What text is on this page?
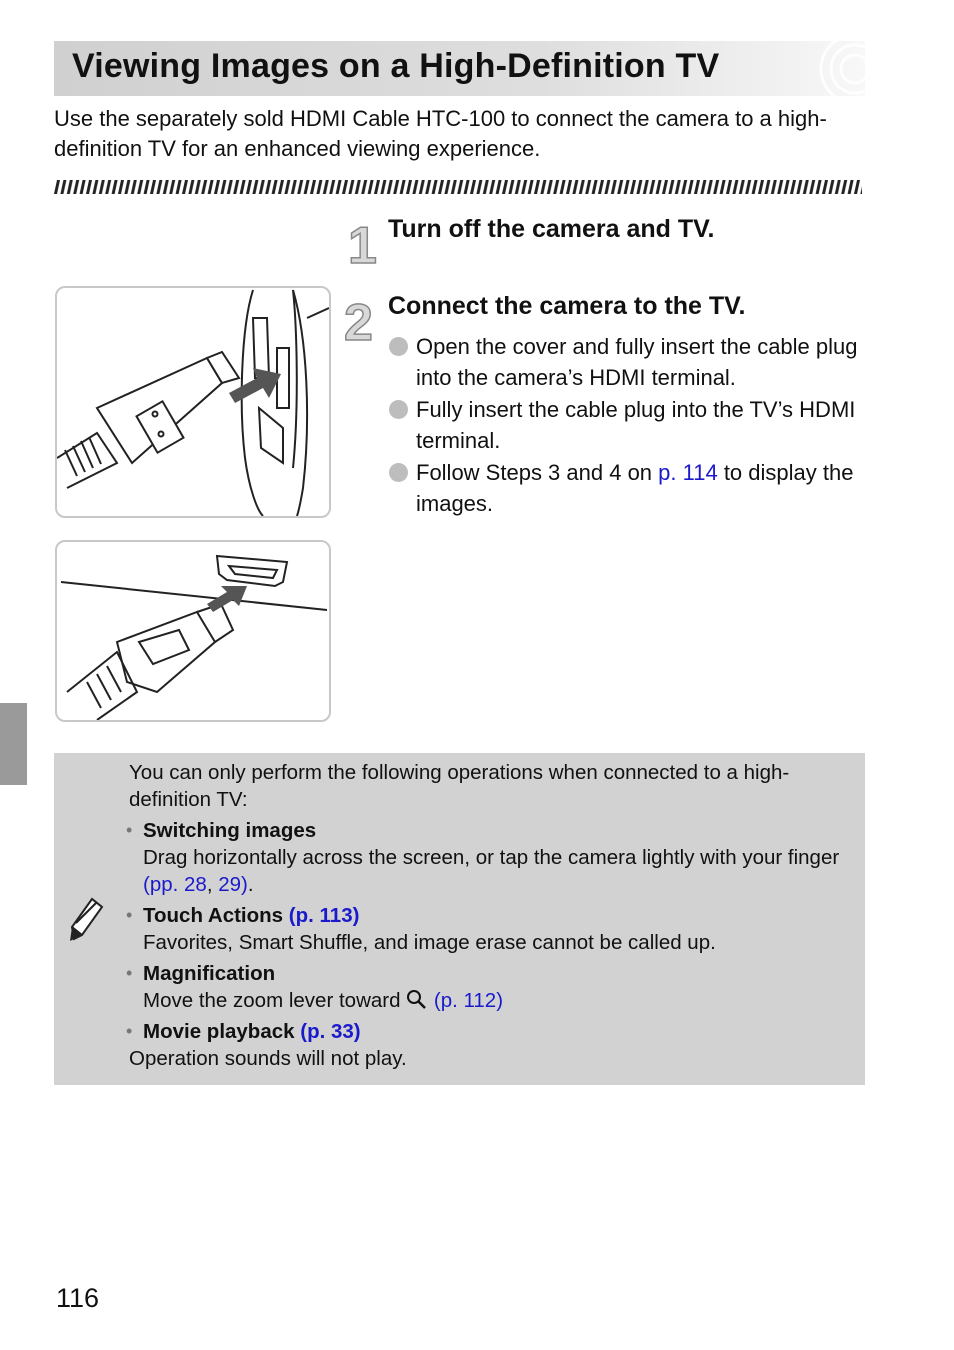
Viewing Images on a High-Definition TV

Use the separately sold HDMI Cable HTC-100 to connect the camera to a high-definition TV for an enhanced viewing experience.

1 Turn off the camera and TV.
2 Connect the camera to the TV.
Open the cover and fully insert the cable plug into the camera’s HDMI terminal.
Fully insert the cable plug into the TV’s HDMI terminal.
Follow Steps 3 and 4 on p. 114 to display the images.
You can only perform the following operations when connected to a high-definition TV:
• Switching images
Drag horizontally across the screen, or tap the camera lightly with your finger (pp. 28, 29).
• Touch Actions (p. 113)
Favorites, Smart Shuffle, and image erase cannot be called up.
• Magnification
Move the zoom lever toward  (p. 112)
• Movie playback (p. 33)
Operation sounds will not play.
116
